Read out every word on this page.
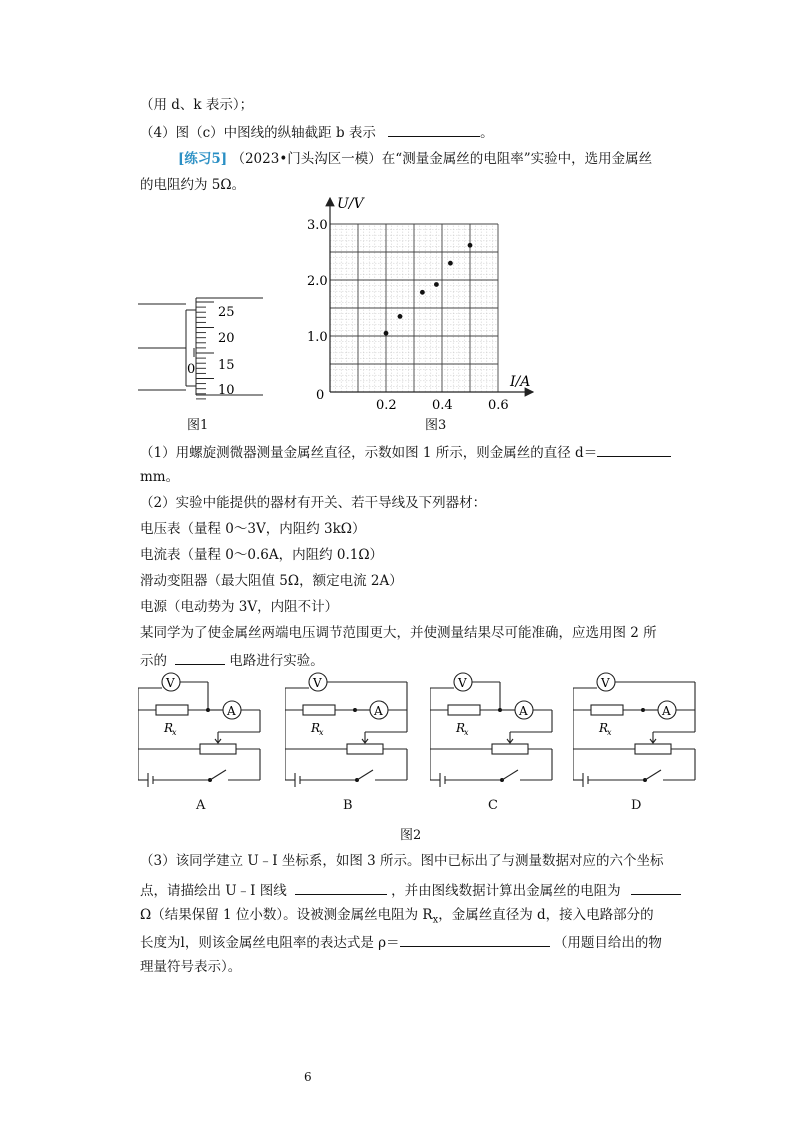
（用 d、k 表示）；
（4）图（c）中图线的纵轴截距 b 表示	。
[练习5] （2023•门头沟区一模）在“测量金属丝的电阻率”实验中，选用金属丝
的电阻约为 5Ω。
0
25
20
15
10
图1
U/V
I/A
0
0.2	0.4	0.6
1.0
2.0
3.0
图3
（1）用螺旋测微器测量金属丝直径，示数如图 1 所示，则金属丝的直径 d＝
mm。
（2）实验中能提供的器材有开关、若干导线及下列器材：
电压表（量程 0～3V，内阻约 3kΩ）
电流表（量程 0～0.6A，内阻约 0.1Ω）
滑动变阻器（最大阻值 5Ω，额定电流 2A）
电源（电动势为 3V，内阻不计）
某同学为了使金属丝两端电压调节范围更大，并使测量结果尽可能准确，应选用图 2 所
示的	电路进行实验。
V
R
x
A
A
V
R
x
A
B
V
R
x
A
C
V
R
x
A
D
图2
（3）该同学建立 U﹣I 坐标系，如图 3 所示。图中已标出了与测量数据对应的六个坐标
点，请描绘出 U﹣I 图线	，并由图线数据计算出金属丝的电阻为
Ω（结果保留 1 位小数）。设被测金属丝电阻为 $R_x$，金属丝直径为 d，接入电路部分的
长度为l，则该金属丝电阻率的表达式是 ρ＝	（用题目给出的物
理量符号表示）。
6
